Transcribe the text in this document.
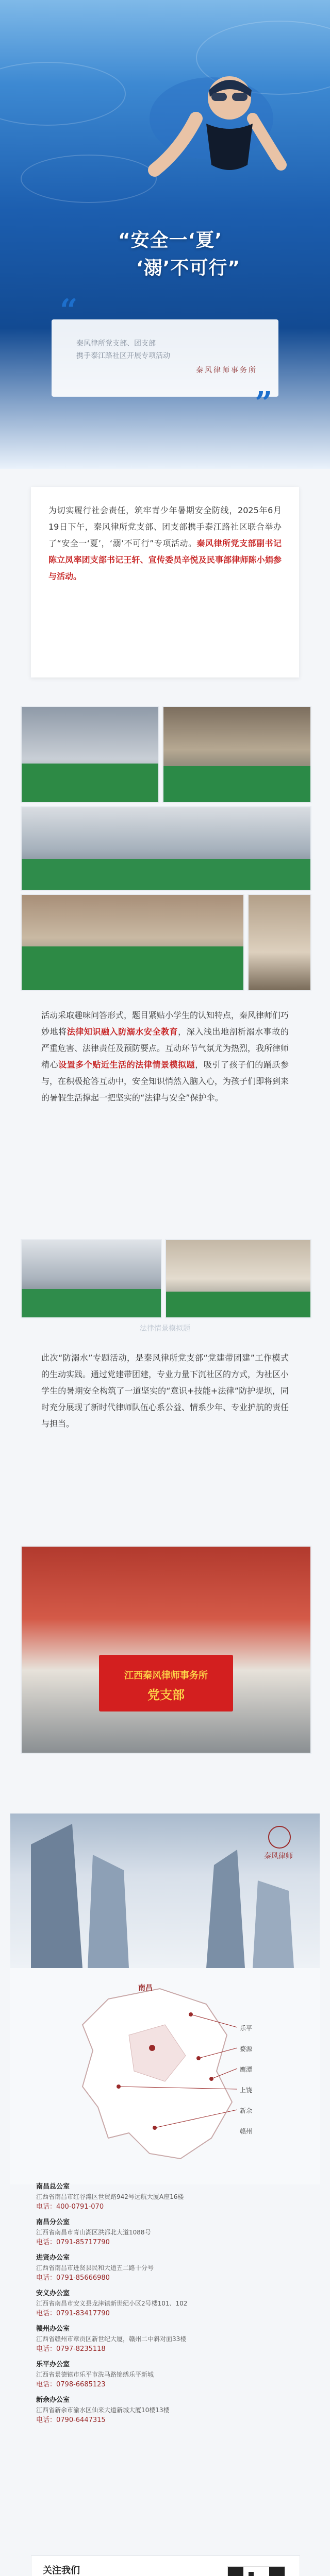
“安全一‘夏’
‘溺’不可行”
“
”
秦风律所党支部、团支部
携手泰江路社区开展专项活动
秦风律师事务所

为切实履行社会责任，筑牢青少年暑期安全防线，2025年6月19日下午，秦风律所党支部、团支部携手泰江路社区联合举办了“安全一‘夏’，‘溺’不可行”专项活动。秦风律所党支部副书记陈立凤率团支部书记王轩、宣传委员辛悦及民事部律师陈小娟参与活动。

活动采取趣味问答形式，题目紧贴小学生的认知特点，秦风律师们巧妙地将法律知识融入防溺水安全教育，深入浅出地剖析溺水事故的严重危害、法律责任及预防要点。互动环节气氛尤为热烈，我所律师精心设置多个贴近生活的法律情景模拟题，吸引了孩子们的踊跃参与，在积极抢答互动中，安全知识悄然入脑入心，为孩子们即将到来的暑假生活撑起一把坚实的“法律与安全”保护伞。
法律情景模拟题
此次“防溺水”专题活动，是秦风律所党支部“党建带团建”工作模式的生动实践。通过党建带团建，专业力量下沉社区的方式，为社区小学生的暑期安全构筑了一道坚实的“意识+技能+法律”防护堤坝，同时充分展现了新时代律师队伍心系公益、情系少年、专业护航的责任与担当。
江西秦风律师事务所
党支部
秦风律师
南昌
乐平
婺源
鹰潭
上饶
新余
赣州
南昌总公室
江西省南昌市红谷滩区世贸路942号远航大厦A座16楼
电话：400-0791-070
南昌分公室
江西省南昌市青山湖区洪都北大道1088号
电话：0791-85717790
进贤办公室
江西省南昌市进贤县民和大道五二路十分号
电话：0791-85666980
安义办公室
江西省南昌市安义县龙津镇新世纪小区2号楼101、102
电话：0791-83417790
赣州办公室
江西省赣州市章贡区新世纪大厦，赣州二中斜对面33楼
电话：0797-8235118
乐平办公室
江西省景德镇市乐平市洗马路锦绣乐平新城
电话：0798-6685123
新余办公室
江西省新余市渝水区仙来大道新城大厦10楼13楼
电话：0790-6447315
关注我们
